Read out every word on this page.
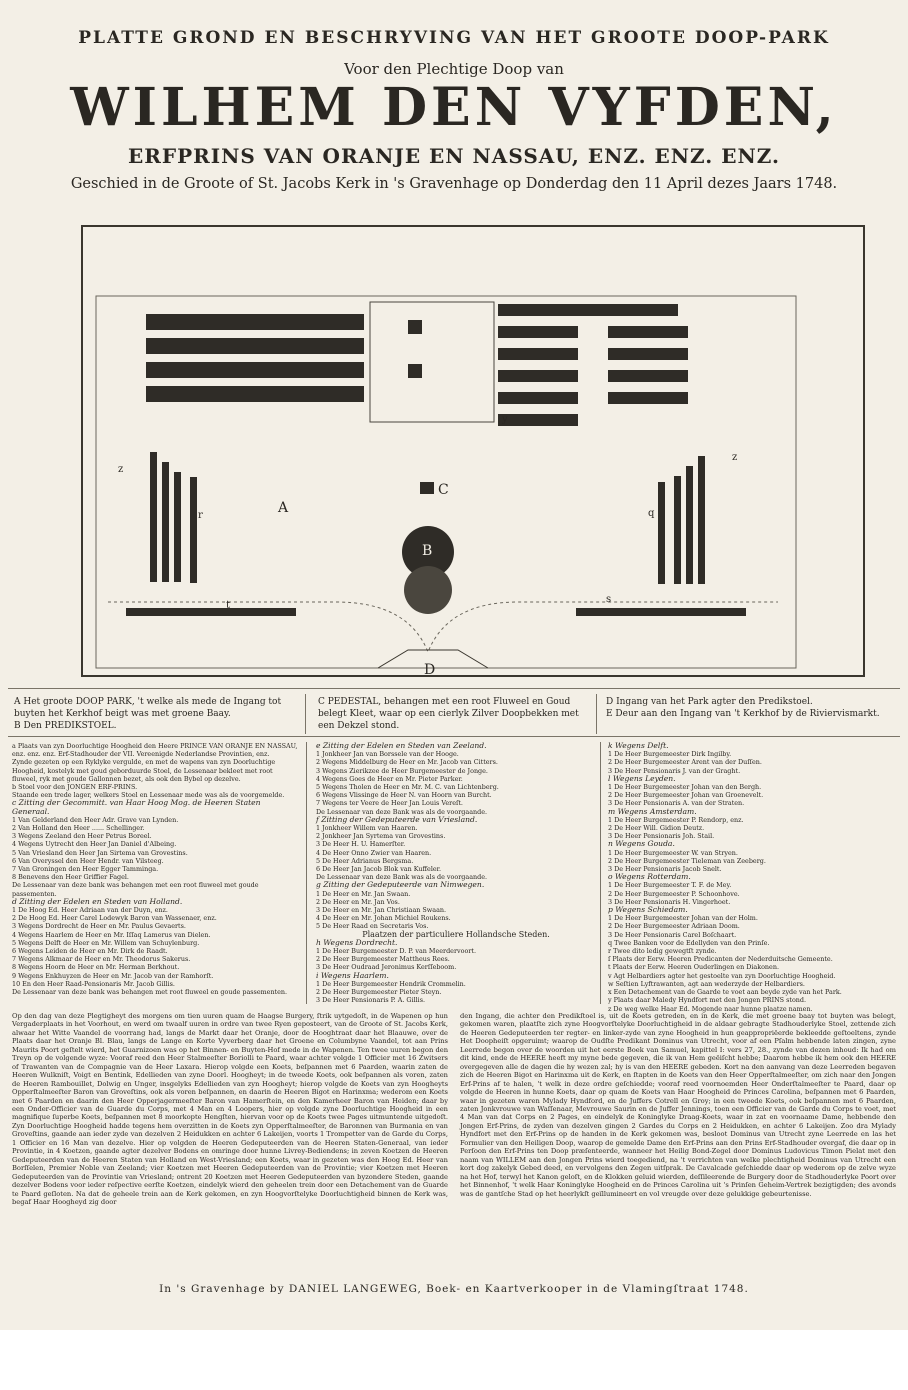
PLATTE GROND EN BESCHRYVING VAN HET GROOTE DOOP-PARK
Voor den Plechtige Doop van
WILHEM DEN VYFDEN,
ERFPRINS VAN ORANJE EN NASSAU, ENZ. ENZ. ENZ.
Geschied in de Groote of St. Jacobs Kerk in 's Gravenhage op Donderdag den 11 April dezes Jaars 1748.
A
B
C
D
y
z
z
r	q
t
s
A Het groote DOOP PARK, 't welke als mede de Ingang tot buyten het Kerkhof beigt was met groene Baay.
B Den PREDIKSTOEL.
C PEDESTAL, behangen met een root Fluweel en Goud belegt Kleet, waar op een cierlyk Zilver Doopbekken met een Dekzel stond.
D Ingang van het Park agter den Predikstoel.
E Deur aan den Ingang van 't Kerkhof by de Riviervismarkt.
a Plaats van zyn Doorluchtige Hoogheid den Heere PRINCE VAN ORANJE EN NASSAU, enz. enz. enz. Erf-Stadhouder der VII. Vereenigde Nederlandse Provintien, enz.
Zynde gezeten op een Ryklyke vergulde, en met de wapens van zyn Doorluchtige Hoogheid, kostelyk met goud geborduurde Stoel, de Lessenaar bekleet met root fluweel, ryk met goude Gallonnen bezet, als ook den Bybel op dezelve.
b Stoel voor den JONGEN ERF-PRINS.
Staande een trede lager, welkers Stoel en Lessenaar mede was als de voorgemelde.
c Zitting der Gecommitt. van Haar Hoog Mog. de Heeren Staten Generaal.
1 Van Gelderland den Heer Adr. Grave van Lynden.
2 Van Holland den Heer ...... Schellinger.
3 Wegens Zeeland den Heer Petrus Boreel.
4 Wegens Uytrecht den Heer Jan Daniel d'Albeing.
5 Van Vriesland den Heer Jan Sirtema van Grovestins.
6 Van Overyssel den Heer Hendr. van Vilsteeg.
7 Van Groningen den Heer Egger Tamminga.
8 Benevens den Heer Griffier Fagel.
De Lessenaar van deze bank was behangen met een root fluweel met goude passementen.
d Zitting der Edelen en Steden van Holland.
1 De Hoog Ed. Heer Adriaan van der Duyn, enz.
2 De Hoog Ed. Heer Carel Lodewyk Baron van Wassenaer, enz.
3 Wegens Dordrecht de Heer en Mr. Paulus Gevaerts.
4 Wegens Haarlem de Heer en Mr. Iſſaq Lamerus van Dielen.
5 Wegens Delft de Heer en Mr. Willem van Schuylenburg.
6 Wegens Leiden de Heer en Mr. Dirk de Raadt.
7 Wegens Alkmaar de Heer en Mr. Theodorus Sakerus.
8 Wegens Hoorn de Heer en Mr. Herman Berkhout.
9 Wegens Enkhuyzen de Heer en Mr. Jacob van der Ramhorſt.
10 En den Heer Raad-Pensionaris Mr. Jacob Gillis.
De Lessenaar van deze bank was behangen met root fluweel en goude passementen.
e Zitting der Edelen en Steden van Zeeland.
1 Jonkheer Jan van Borssele van der Hooge.
2 Wegens Middelburg de Heer en Mr. Jacob van Citters.
3 Wegens Zierikzee de Heer Burgemeester de Jonge.
4 Wegens Goes de Heer en Mr. Pieter Parker.
5 Wegens Tholen de Heer en Mr. M. C. van Lichtenberg.
6 Wegens Vlissinge de Heer N. van Hoorn van Burcht.
7 Wegens ter Veere de Heer Jan Louis Vereſt.
De Lessenaar van deze Bank was als de voorgaande.
f Zitting der Gedeputeerde van Vriesland.
1 Jonkheer Willem van Haaren.
2 Jonkheer Jan Syrtema van Grovestins.
3 De Heer H. U. Hamerſter.
4 De Heer Onno Zwier van Haaren.
5 De Heer Adrianus Bergsma.
6 De Heer Jan Jacob Blok van Kuffeler.
De Lessenaar van deze Bank was als de voorgaande.
g Zitting der Gedeputeerde van Nimwegen.
1 De Heer en Mr. Jan Swaan.
2 De Heer en Mr. Jan Vos.
3 De Heer en Mr. Jan Christiaan Swaan.
4 De Heer en Mr. Johan Michiel Roukens.
5 De Heer Raad en Secretaris Vos.
Plaatzen der particuliere Hollandsche Steden.
h Wegens Dordrecht.
1 De Heer Burgemeester D. P. van Meerdervoort.
2 De Heer Burgemeester Mattheus Rees.
3 De Heer Oudraad Jeronimus Kerſſeboom.
i Wegens Haarlem.
1 De Heer Burgemeester Hendrik Crommelin.
2 De Heer Burgemeester Pieter Steyn.
3 De Heer Pensionaris P. A. Gillis.
k Wegens Delft.
1 De Heer Burgemeester Dirk Ingilby.
2 De Heer Burgemeester Arent van der Duſſen.
3 De Heer Pensionaris J. van der Graght.
l Wegens Leyden.
1 De Heer Burgemeester Johan van den Bergh.
2 De Heer Burgemeester Johan van Groenevelt.
3 De Heer Pensionaris A. van der Straten.
m Wegens Amsterdam.
1 De Heer Burgemeester P. Rendorp, enz.
2 De Heer Will. Gidion Deutz.
3 De Heer Pensionaris Joh. Stail.
n Wegens Gouda.
1 De Heer Burgemeester W. van Stryen.
2 De Heer Burgemeester Tieleman van Zeeberg.
3 De Heer Pensionaris Jacob Snelt.
o Wegens Rotterdam.
1 De Heer Burgemeester T. F. de Mey.
2 De Heer Burgemeester P. Schoonhove.
3 De Heer Pensionaris H. Vingerhoet.
p Wegens Schiedam.
1 De Heer Burgemeester Johan van der Holm.
2 De Heer Burgemeester Adriaan Doom.
3 De Heer Pensionaris Carel Boſchaart.
q Twee Banken voor de Edellyden van den Prinſe.
r Twee dito ledig gewegtſt zynde.
ſ Plaats der Eerw. Heeren Predicanten der Nederduitsche Gemeente.
t Plaats der Eerw. Heeren Ouderlingen en Diakonen.
v Agt Helbardiers agter het gestoelte van zyn Doorluchtige Hoogheid.
w Seſtien Lyftrawanten, agt aan wederzyde der Helbardiers.
x Een Detachement van de Gaarde te voet aan beyde zyde van het Park.
y Plaats daar Maledy Hyndfort met den Jongen PRINS stond.
z De weg welke Haar Ed. Mogende naar hunne plaatze namen.
Op den dag van deze Plegtigheyt des morgens om tien uuren quam de Haagse Burgery, ſtrik uytgedoſt, in de Wapenen op hun Vergaderplaats in het Voorhout, en werd om twaalf uuren in ordre van twee Ryen geposteert, van de Groote of St. Jacobs Kerk, alwaar het Witte Vaandel de voorrang had, langs de Markt daar het Oranje, door de Hooghtraat daar het Blaauwe, over de Plaats daar het Oranje Bl. Blau, langs de Lange en Korte Vyverberg daar het Groene en Columbyne Vaandel, tot aan Prins Maurits Poort geſtelt wierd, het Guarnizoen was op het Binnen- en Buyten-Hof mede in de Wapenen. Ten twee uuren begon den Treyn op de volgende wyze: Vooraf reed den Heer Stalmeeſter Boriolli te Paard, waar achter volgde 1 Officier met 16 Zwitsers of Trawanten van de Compagnie van de Heer Laxara. Hierop volgde een Koets, beſpannen met 6 Paarden, waarin zaten de Heeren Wulkniſt, Voigt en Bentink, Edellieden van zyne Doorl. Hoogheyt; in de tweede Koets, ook beſpannen als voren, zaten de Heeren Rambouillet, Dolwig en Unger, insgelyks Edellieden van zyn Hoogheyt; hierop volgde de Koets van zyn Hoogheyts Opperſtalmeeſter Baron van Groveſtins, ook als voren beſpannen, en daarin de Heeren Bigot en Harinxma; wederom een Koets met 6 Paarden en daarin den Heer Opperjagermeeſter Baron van Hamerſtein, en den Kamerheer Baron van Heiden; daar by een Onder-Officier van de Guarde du Corps, met 4 Man en 4 Loopers, hier op volgde zyne Doorluchtige Hoogheid in een magnifique ſuperbe Koets, beſpannen met 8 moorkopte Hengſten, hiervan voor op de Koets twee Pages uitmuntende uitgedoſt. Zyn Doorluchtige Hoogheid hadde tegens hem overzitten in de Koets zyn Opperſtalmeeſter, de Baronnen van Burmania en van Groveſtins, gaande aan ieder zyde van dezelven 2 Heidukken en achter 6 Lakeijen, voorts 1 Trompetter van de Garde du Corps, 1 Officier en 16 Man van dezelve. Hier op volgden de Heeren Gedeputeerden van de Heeren Staten-Generaal, van ieder Provintie, in 4 Koetzen, gaande agter dezelver Bodens en omringe door hunne Livrey-Bediendens; in zeven Koetzen de Heeren Gedeputeerden van de Heeren Staten van Holland en West-Vriesland; een Koets, waar in gezeten was den Hoog Ed. Heer van Borſſelen, Premier Noble van Zeeland; vier Koetzen met Heeren Gedeputeerden van de Provintie; vier Koetzen met Heeren Gedeputeerden van de Provintie van Vriesland; ontrent 20 Koetzen met Heeren Gedeputeerden van byzondere Steden, gaande dezelver Bodens voor ieder reſpective eerſte Koetzen, eindelyk wierd den geheelen trein door een Detachement van de Guarde te Paard geſloten. Na dat de geheele trein aan de Kerk gekomen, en zyn Hoogvorſtelyke Doorluchtigheid binnen de Kerk was, begaf Haar Hoogheyd zig door
den Ingang, die achter den Predikſtoel is, uit de Koets getreden, en in de Kerk, die met groene baay tot buyten was belegt, gekomen waren, plaatſte zich zyne Hoogvorſtelyke Doorluchtigheid in de aldaar gebragte Stadhouderlyke Stoel, zettende zich de Heeren Gedeputeerden ter regter- en linker-zyde van zyne Hoogheid in hun geappropriëerde bekleedde geſtoeltens, zynde Het Doopheiſt opgeruimt; waarop de Oudſte Predikant Dominus van Utrecht, voor af een Pſalm hebbende laten zingen, zyne Leerrede begon over de woorden uit het eerste Boek van Samuel, kapittel I: vers 27, 28., zynde van dezen inhoud: Ik had om dit kind, ende de HEERE heeft my myne bede gegeven, die ik van Hem geëiſcht hebbe; Daarom hebbe ik hem ook den HEERE overgegeven alle de dagen die hy wezen zal; hy is van den HEERE gebeden. Kort na den aanvang van deze Leerreden begaven zich de Heeren Bigot en Harinxma uit de Kerk, en ſtapten in de Koets van den Heer Opperſtalmeeſter, om zich naar den Jongen Erf-Prins af te halen, 't welk in deze ordre geſchiedde; vooraf reed voornoemden Heer Onderſtalmeeſter te Paard, daar op volgde de Heeren in hunne Koets, daar op quam de Koets van Haar Hoogheid de Princes Carolina, beſpannen met 6 Paarden, waar in gezeten waren Mylady Hyndford, en de Juffers Cotrell en Groy; in een tweede Koets, ook beſpannen met 6 Paarden, zaten Jonkvrouwe van Waſſenaar, Mevrouwe Saurin en de Juffer Jennings, toen een Officier van de Garde du Corps te voet, met 4 Man van dat Corps en 2 Pages, en eindelyk de Koninglyke Draag-Koets, waar in zat en voornaame Dame, hebbende den Jongen Erf-Prins, de zyden van dezelven gingen 2 Gardes du Corps en 2 Heidukken, en achter 6 Lakeijen. Zoo dra Mylady Hyndfort met den Erf-Prins op de handen in de Kerk gekomen was, besloot Dominus van Utrecht zyne Leerrede en las het Formulier van den Heiligen Doop, waarop de gemelde Dame den Erf-Prins aan den Prins Erf-Stadhouder overgaf, die daar op in Perſoon den Erf-Prins ten Doop præſenteerde, wanneer het Heilig Bond-Zegel door Dominus Ludovicus Timon Pielat met den naam van WILLEM aan den Jongen Prins wierd toegediend, na 't verrichten van welke plechtigheid Dominus van Utrecht een kort dog zakelyk Gebed deed, en vervolgens den Zegen uitſprak. De Cavalcade geſchiedde daar op wederom op de zelve wyze na het Hof, terwyl het Kanon geloſt, en de Klokken geluid wierden, deſſileerende de Burgery door de Stadhouderlyke Poort over het Binnenhof, 't welk Haar Koninglyke Hoogheid en de Princes Carolina uit 's Prinſen Geheim-Vertrek bezigtigden; des avonds was de gantſche Stad op het heerlykſt geïllumineert en vol vreugde over deze gelukkige gebeurtenisse.
In 's Gravenhage by DANIEL LANGEWEG, Boek- en Kaartverkooper in de Vlamingſtraat 1748.
